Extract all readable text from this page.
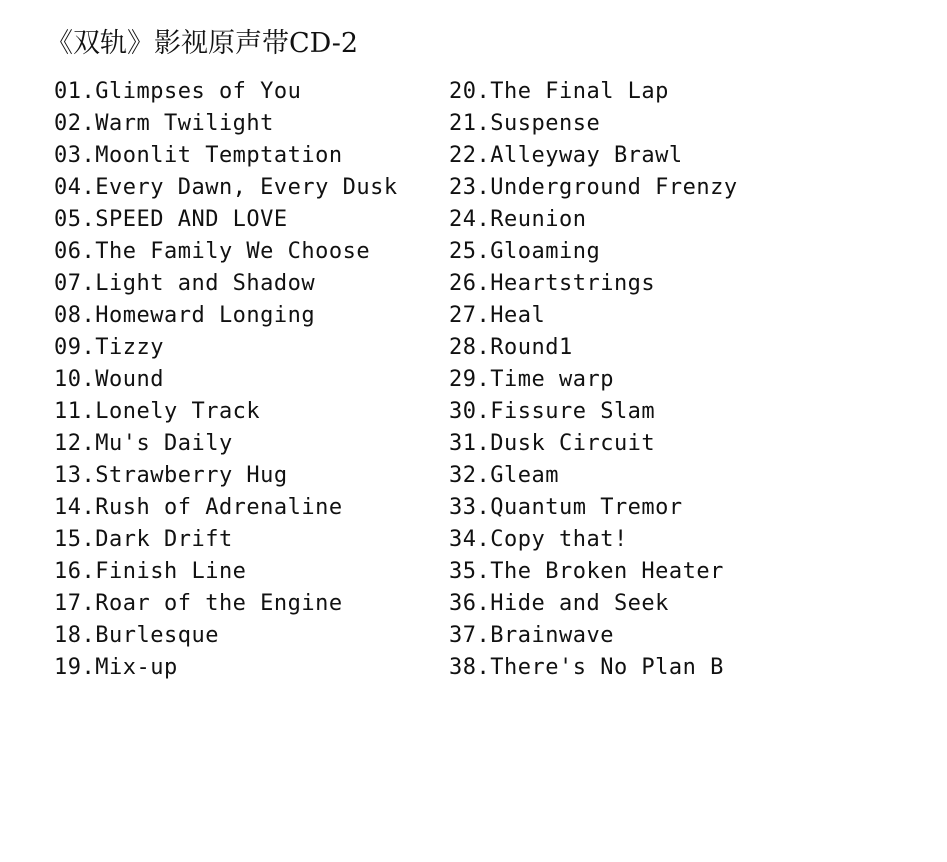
《双轨》影视原声带CD-2
01.Glimpses of You
02.Warm Twilight
03.Moonlit Temptation
04.Every Dawn, Every Dusk
05.SPEED AND LOVE
06.The Family We Choose
07.Light and Shadow
08.Homeward Longing
09.Tizzy
10.Wound
11.Lonely Track
12.Mu's Daily
13.Strawberry Hug
14.Rush of Adrenaline
15.Dark Drift
16.Finish Line
17.Roar of the Engine
18.Burlesque
19.Mix-up
20.The Final Lap
21.Suspense
22.Alleyway Brawl
23.Underground Frenzy
24.Reunion
25.Gloaming
26.Heartstrings
27.Heal
28.Round1
29.Time warp
30.Fissure Slam
31.Dusk Circuit
32.Gleam
33.Quantum Tremor
34.Copy that!
35.The Broken Heater
36.Hide and Seek
37.Brainwave
38.There's No Plan B
